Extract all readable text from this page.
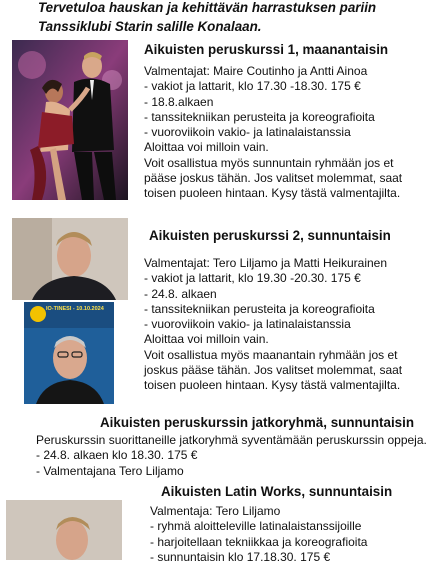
Tervetuloa hauskan ja kehittävän harrastuksen pariin
Tanssiklubi Starin salille Konalaan.
Aikuisten peruskurssi 1, maanantaisin
Valmentajat: Maire Coutinho ja Antti Ainoa
- vakiot ja lattarit, klo 17.30 -18.30. 175 €
- 18.8.alkaen
- tanssitekniikan perusteita ja koreografioita
- vuoroviikoin vakio- ja latinalaistanssia
Aloittaa voi milloin vain.
Voit osallistua myös sunnuntain ryhmään jos et
pääse joskus tähän. Jos valitset molemmat, saat
toisen puoleen hintaan. Kysy tästä valmentajilta.
IO-TINESI - 10.10.2024
Aikuisten peruskurssi 2, sunnuntaisin
Valmentajat: Tero Liljamo ja Matti Heikurainen
- vakiot ja lattarit, klo 19.30 -20.30. 175 €
- 24.8. alkaen
- tanssitekniikan perusteita ja koreografioita
- vuoroviikoin vakio- ja latinalaistanssia
Aloittaa voi milloin vain.
Voit osallistua myös maanantain ryhmään jos et
joskus pääse tähän. Jos valitset molemmat, saat
toisen puoleen hintaan. Kysy tästä valmentajilta.
Aikuisten peruskurssin jatkoryhmä, sunnuntaisin
Peruskurssin suorittaneille jatkoryhmä syventämään peruskurssin oppeja.
- 24.8. alkaen klo 18.30. 175 €
- Valmentajana Tero Liljamo
Aikuisten Latin Works, sunnuntaisin
Valmentaja: Tero Liljamo
- ryhmä aloitteleville latinalaistanssijoille
- harjoitellaan tekniikkaa ja koreografioita
- sunnuntaisin klo 17.18.30. 175 €
